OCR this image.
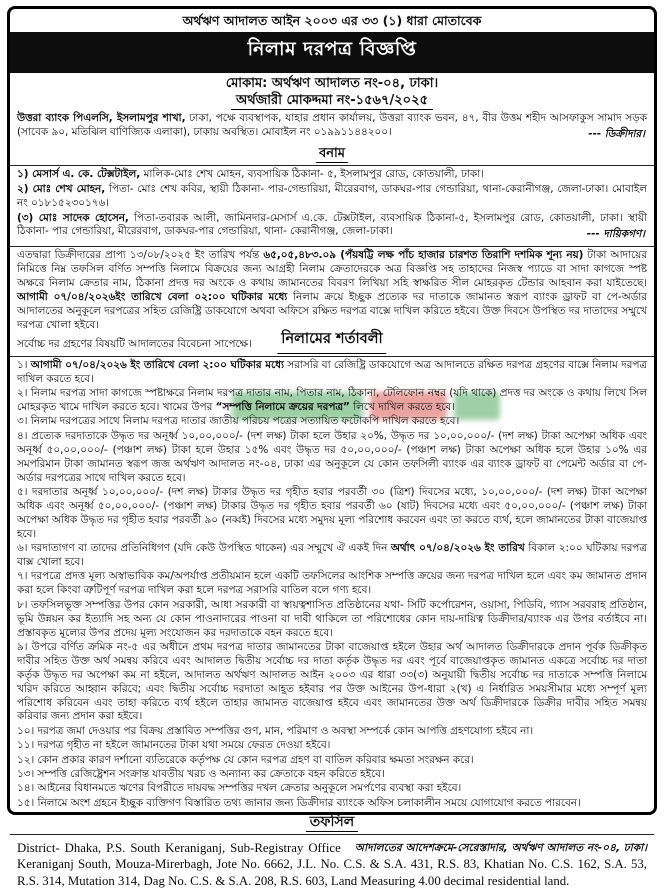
অর্থঋণ আদালত আইন ২০০৩ এর ৩৩ (১) ধারা মোতাবেক
নিলাম দরপত্র বিজ্ঞপ্তি
মোকাম: অর্থঋণ আদালত নং-০৪, ঢাকা।
অর্থজারী মোকদ্দমা নং-১৫৬৭/২০২৫

উত্তরা ব্যাংক পিএলসি, ইসলামপুর শাখা, ঢাকা, পক্ষে ব্যবস্থাপক, যাহার প্রধান কার্যালয়, উত্তরা ব্যাংক ভবন, ৪৭, বীর উত্তম শহীদ আসফাকুস সামাদ সড়ক (সাবেক ৯০, মতিঝিল বাণিজ্যিক এলাকা), ঢাকায় অবস্থিত। মোবাইল নং ০১৯৯১১৪৪২০০।	--- ডিক্রীদার।
বনাম

১) মেসার্স এ. কে. টেক্সটাইল, মালিক-মোঃ শেখ মোহন, ব্যবসায়িক ঠিকানা- ৫, ইসলামপুর রোড, কোতয়ালী, ঢাকা।

২) মোঃ শেখ মোহন, পিতা- মোঃ শেখ কবির, স্থায়ী ঠিকানা- পার-গেন্ডারিয়া, মীরেরবাগ, ডাকঘর-পার গেন্ডারিয়া, থানা-কেরানীগঞ্জ, জেলা-ঢাকা। মোবাইল নং ০১৮১৫২৩০১৭৬।

(৩) মোঃ সাদেক হোসেন, পিতা-তবারক আলী, জামিনদার-মেসার্স এ.কে. টেক্সটাইল, ব্যবসায়িক ঠিকানা-৫, ইসলামপুর রোড, কোতয়ালী, ঢাকা। স্থায়ী ঠিকানা- পার গেন্ডারিয়া, মীরেরবাগ, ডাকঘর-পার গেন্ডারিয়া, থানা- কেরানীগঞ্জ, জেলা-ঢাকা।	--- দায়িকগণ।

এতদ্বারা ডিক্রীদারের প্রাপ্য ১৩/০৮/২০২৫ ইং তারিখ পর্যন্ত ৬৫,০৫,৪৮৩.০৯ (পঁয়ষট্টি লক্ষ পাঁচ হাজার চারশত তিরাশি দশমিক শূন্য নয়) টাকা আদায়ের নিমিত্তে নিম্ন তফসিল বর্ণিত সম্পত্তি নিলামে বিক্রয়ের জন্য আগ্রহী নিলাম ক্রেতাদেরকে অত্র বিজ্ঞপ্তি সহ তাহাদের নিজস্ব প্যাডে বা সাদা কাগজে স্পষ্ট অক্ষরে নিলাম ক্রেতার নাম, ঠিকানা প্রদত্ত দর অংকে ও কথায় জামানতের বিবরণ লিখিয়া সহি স্বাক্ষরিত সীল মোহরকৃত টেন্ডার আহবান করা যাইতেছে। আগামী ০৭/০৪/২০২৬ইং তারিখে বেলা ০২:০০ ঘটিকার মধ্যে নিলাম ক্রয়ে ইচ্ছুক প্রত্যেক দর দাতাকে জামানত স্বরূপ ব্যাংক ড্রাফট বা পে-অর্ডার আদালতের অনুকূলে দরপত্রের সহিত রেজিষ্ট্রি ডাকযোগে অথবা অফিসে রক্ষিত দরপত্র বাক্সে দাখিল করিতে হইবে। উক্ত দিবসে উপস্থিত দর দাতাদের সম্মুখে দরপত্র খোলা হইবে।

সর্বোচ্চ দর গ্রহণের বিষয়টি আদালতের বিবেচনা সাপেক্ষে। নিলামের শর্তাবলী

১। আগামী ০৭/০৪/২০২৬ ইং তারিখে বেলা ২:০০ ঘটিকার মধ্যে সরাসরি বা রেজিষ্ট্রি ডাকযোগে অত্র আদালতে রক্ষিত দরপত্র গ্রহণের বাক্সে নিলাম দরপত্র দাখিল করতে হবে।

২। নিলাম দরপত্র সাদা কাগজে স্পষ্টাক্ষরে নিলাম দরপত্র দাতার নাম, পিতার নাম, ঠিকানা, টেলিফোন নম্বর (যদি থাকে) প্রদত্ত দর অংকে ও কথায় লিখে সিল মোহরকৃত খামে দাখিল করতে হবে। খামের উপর “সম্পত্তি নিলামে ক্রয়ের দরপত্র” লিখে দাখিল করতে হবে।

৩। নিলাম দরপত্রের সাথে নিলাম দরপত্র দাতার জাতীয় পরিচয় পত্রের সত্যায়িত ফটোকপি দাখিল করতে হবে।

৪। প্রত্যেক দরদাতাকে উদ্ধৃত দর অনূর্ধ্ব ১০,০০,০০০/- (দশ লক্ষ) টাকা হলে উহার ২০%, উদ্ধৃত দর ১০,০০,০০০/- (দশ লক্ষ) টাকা অপেক্ষা অধিক এবং অনূর্ধ্ব ৫০,০০,০০০/- (পঞ্চাশ লক্ষ) টাকা হলে উহার ১৫% এবং উদ্ধৃত দর ৫০,০০,০০০/- (পঞ্চাশ লক্ষ) টাকা অপেক্ষা অধিক হলে উহার ১০% এর সমপরিমান টাকা জামানত স্বরূপ জজ অর্থঋণ আদালত নং-০৪, ঢাকা এর অনুকূলে যে কোন তফসিলী ব্যাংক এর ব্যাংক ড্রাফট বা পেমেন্ট অর্ডার বা পে-অর্ডার দরপত্রের সাথে দাখিল করতে হবে।

৫। দরদাতার অনূর্ধ্ব ১০,০০,০০০/- (দশ লক্ষ) টাকার উদ্ধৃত দর গৃহীত হবার পরবর্তী ৩০ (ত্রিশ) দিবসের মধ্যে, ১০,০০,০০০/- (দশ লক্ষ) টাকা অপেক্ষা অধিক এবং অনূর্ধ্ব ৫০,০০,০০০/- (পঞ্চাশ লক্ষ) টাকার উদ্ধৃত দর গৃহীত হবার পরবর্তী ৬০ (ষাট) দিবসের মধ্যে এবং ৫০,০০,০০০/- (পঞ্চাশ লক্ষ) টাকা অপেক্ষা অধিক উদ্ধৃত দর গৃহীত হবার পরবর্তী ৯০ (নব্বই) দিবসের মধ্যে সমুদয় মূল্য পরিশোধ করবেন এবং তা করতে ব্যর্থ, হলে জামানতের টাকা বাজেয়াপ্ত হবে।

৬। দরদাতাগণ বা তাদের প্রতিনিধিগণ (যদি কেউ উপস্থিত থাকেন) এর সম্মুখে ঐ একই দিন অর্থাৎ ০৭/০৪/২০২৬ ইং তারিখ বিকাল ২:০০ ঘটিকায় দরপত্র বাক্স খোলা হবে।

৭। দরপত্রে প্রদত্ত মূল্য অস্বাভাবিক কম/অপর্যাপ্ত প্রতীয়মান হলে একটি তফসিলের আংশিক সম্পত্তি ক্রয়ের জন্য দরপত্র দাখিল হলে এবং কম জামানত প্রদান করা হলে কিংবা ত্রুটিপূর্ণ দরপত্র দাখিল করা হলে দরপত্র সরাসরি বাতিল বলে গণ্য হবে।

৮। তফসিলভূক্ত সম্পত্তির উপর কোন সরকারী, আধা সরকারী বা স্বায়ত্বশাসিত প্রতিষ্ঠানের যথা- সিটি কর্পোরেশন, ওয়াসা, পিডিবি, গ্যাস সরবরাহ প্রতিষ্ঠান, ভূমি উন্নয়ন কর ইত্যাদি সহ অন্য যে কোন পাওনাদারের পাওনা বা দাবী থাকিলে তা পরিশোধের কোন দায়-দায়িত্ব ডিক্রীদার/ব্যাংক এর উপর বর্তাইবে না। প্রস্তাবকৃত মূল্যের উপর প্রদেয় মূল্য সংযোজন কর দরদাতাকে বহন করতে হবে।

৯। উপরে বর্ণিত ক্রমিক নং-৫ এর অধীনে প্রথম দরপত্র দাতার জামানতের টাকা বাজেয়াপ্ত হইলে উহার অর্থ আদালত ডিক্রীদারকে প্রদান পূর্বক ডিক্রীকৃত দাবীর সহিত উক্ত অর্থ সমন্বয় করিবে এবং আদালত দ্বিতীয় সর্বোচ্চ দর দাতা কর্তৃক উদ্ধৃত দর এবং পূর্বে বাজেয়াপ্তকৃত জামানত একত্রে সর্বোচ্চ দর দাতা কর্তৃক উদ্ধৃত দর অপেক্ষা কম না হইলে, আদালত অর্থঋণ আদালত আইন ২০০৩ এর ধারা ৩৩(৩) অনুযায়ী দ্বিতীয় সর্বোচ্চ দর দাতাকে সম্পত্তি নিলামে খরিদ করিতে আহ্বান করিবে; এবং দ্বিতীয় সর্বোচ্চ দরদাতা আহূত হইবার পর উক্ত আইনের উপ-ধারা ২(খ) এ নির্ধারিত সময়সীমার মধ্যে সম্পূর্ণ মূল্য পরিশোধ করিবেন এবং তাহা করিতে ব্যর্থ হইলে তাহার জামানত বাজেয়াপ্ত হইবে এবং জামানতের উক্ত অর্থ ডিক্রীদারকে ডিক্রীর দাবীর সহিত সমন্বয় করিবার জন্য প্রদান করা হইবে।

১০। দরপত্র জমা দেওয়ার পর বিক্রয় প্রস্তাবিত সম্পত্তির গুণ, মান, পরিমাণ ও অবস্থা সম্পর্কে কোন আপত্তি গ্রহণযোগ্য হইবে না।

১১। দরপত্র গৃহীত না হইলে জামানতের টাকা যথা সময়ে ফেরত দেওয়া হইবে।

১২। কোন প্রকার কারণ দর্শানো ব্যতিরেকে কর্তৃপক্ষ যে কোন দরপত্র গ্রহণ বা বাতিল করিবার ক্ষমতা সংরক্ষন করে।

১৩। সম্পত্তি রেজিষ্ট্রেশন সংক্রান্ত যাবতীয় খরচ ও অন্যান্য কর ক্রেতাকে বহন করিতে হইবে।

১৪। আইনের বিধানমতে ঋণের বিপরীতে দায়বদ্ধ সম্পত্তির দখল ক্রেতার অনুকূলে সমর্পণের ব্যবস্থা করা হইবে।

১৫। নিলামে অংশ গ্রহনে ইচ্ছুক ব্যক্তিগণ বিস্তারিত তথ্য জানার জন্য ডিক্রীদার ব্যাংকে অফিস চলাকালীন সময়ে যোগাযোগ করতে পারবেন।

তফসিল
আদালতের আদেশক্রমে-সেরেস্তাদার, অর্থঋণ আদালত নং-০৪, ঢাকা।
District- Dhaka, P.S. South Keraniganj, Sub-Registray Office Keraniganj South, Mouza-Mirerbagh, Jote No. 6662, J.L. No. C.S. & S.A. 431, R.S. 83, Khatian No. C.S. 162, S.A. 53, R.S. 314, Mutation 314, Dag No. C.S. & S.A. 208, R.S. 603, Land Measuring 4.00 decimal residential land.
